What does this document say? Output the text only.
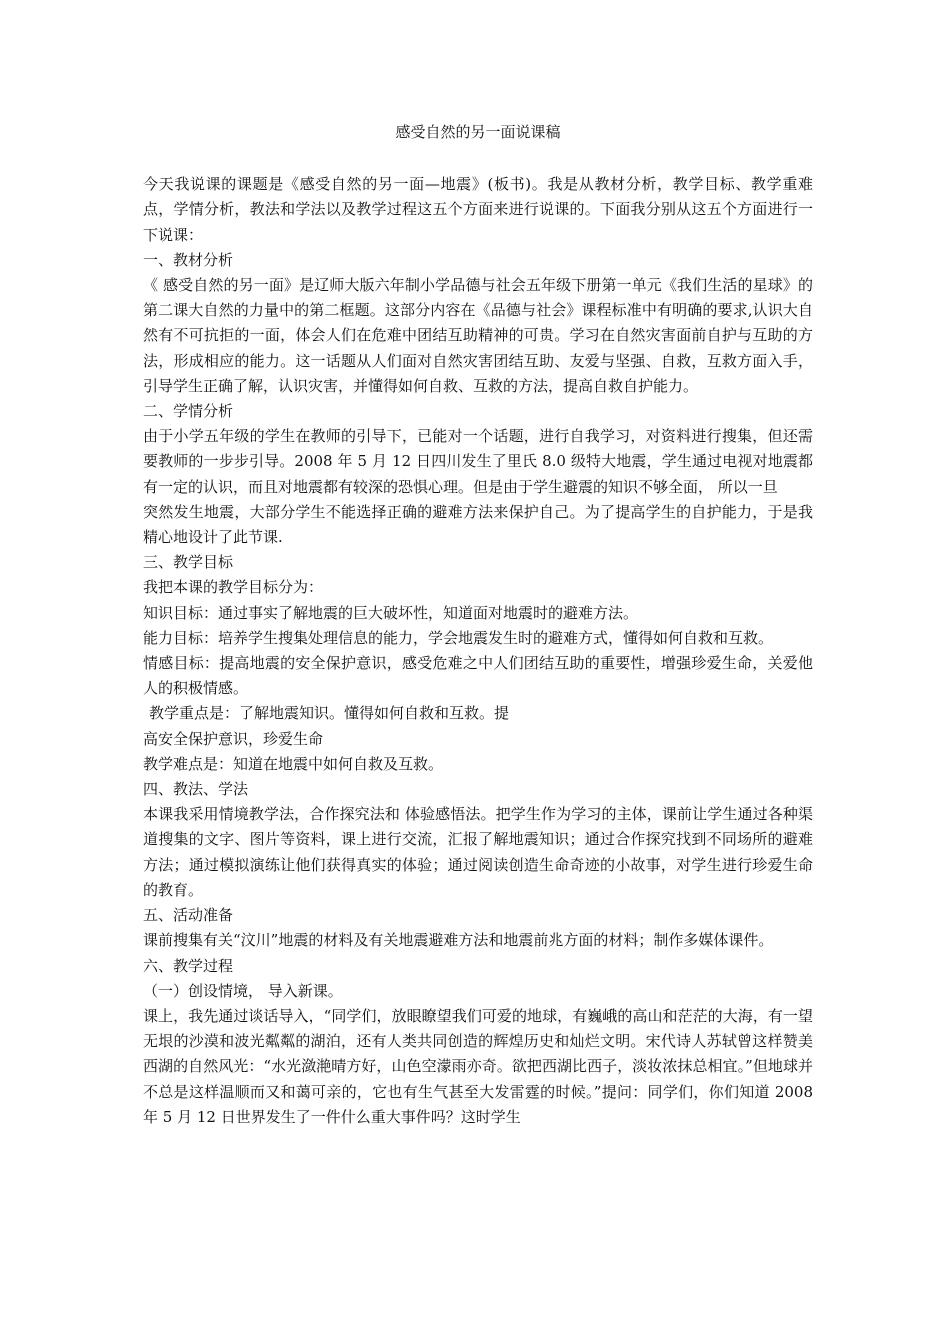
感受自然的另一面说课稿

今天我说课的课题是《感受自然的另一面—地震》(板书)。我是从教材分析，教学目标、教学重难点，学情分析，教法和学法以及教学过程这五个方面来进行说课的。下面我分别从这五个方面进行一下说课：

一、教材分析

《 感受自然的另一面》是辽师大版六年制小学品德与社会五年级下册第一单元《我们生活的星球》的第二课大自然的力量中的第二框题。这部分内容在《品德与社会》课程标准中有明确的要求,认识大自然有不可抗拒的一面，体会人们在危难中团结互助精神的可贵。学习在自然灾害面前自护与互助的方法，形成相应的能力。这一话题从人们面对自然灾害团结互助、友爱与坚强、自救，互救方面入手，引导学生正确了解，认识灾害，并懂得如何自救、互救的方法，提高自救自护能力。

二、学情分析

由于小学五年级的学生在教师的引导下，已能对一个话题，进行自我学习，对资料进行搜集，但还需要教师的一步步引导。2008 年 5 月 12 日四川发生了里氏 8.0 级特大地震，学生通过电视对地震都有一定的认识，而且对地震都有较深的恐惧心理。但是由于学生避震的知识不够全面， 所以一旦

突然发生地震，大部分学生不能选择正确的避难方法来保护自己。为了提高学生的自护能力，于是我精心地设计了此节课.

三、教学目标

我把本课的教学目标分为：

知识目标：通过事实了解地震的巨大破坏性，知道面对地震时的避难方法。

能力目标：培养学生搜集处理信息的能力，学会地震发生时的避难方式，懂得如何自救和互救。

情感目标：提高地震的安全保护意识，感受危难之中人们团结互助的重要性，增强珍爱生命，关爱他人的积极情感。

教学重点是：了解地震知识。懂得如何自救和互救。提

高安全保护意识，珍爱生命

教学难点是：知道在地震中如何自救及互救。

四、教法、学法

本课我采用情境教学法，合作探究法和 体验感悟法。把学生作为学习的主体，课前让学生通过各种渠道搜集的文字、图片等资料，课上进行交流，汇报了解地震知识；通过合作探究找到不同场所的避难方法；通过模拟演练让他们获得真实的体验；通过阅读创造生命奇迹的小故事，对学生进行珍爱生命的教育。

五、活动准备

课前搜集有关“汶川”地震的材料及有关地震避难方法和地震前兆方面的材料；制作多媒体课件。

六、教学过程

（一）创设情境， 导入新课。

课上，我先通过谈话导入，“同学们，放眼瞭望我们可爱的地球，有巍峨的高山和茫茫的大海，有一望无垠的沙漠和波光粼粼的湖泊，还有人类共同创造的辉煌历史和灿烂文明。宋代诗人苏轼曾这样赞美西湖的自然风光：“水光潋滟晴方好，山色空濛雨亦奇。欲把西湖比西子，淡妆浓抹总相宜。”但地球并不总是这样温顺而又和蔼可亲的，它也有生气甚至大发雷霆的时候。”提问：同学们，你们知道 2008 年 5 月 12 日世界发生了一件什么重大事件吗？这时学生
